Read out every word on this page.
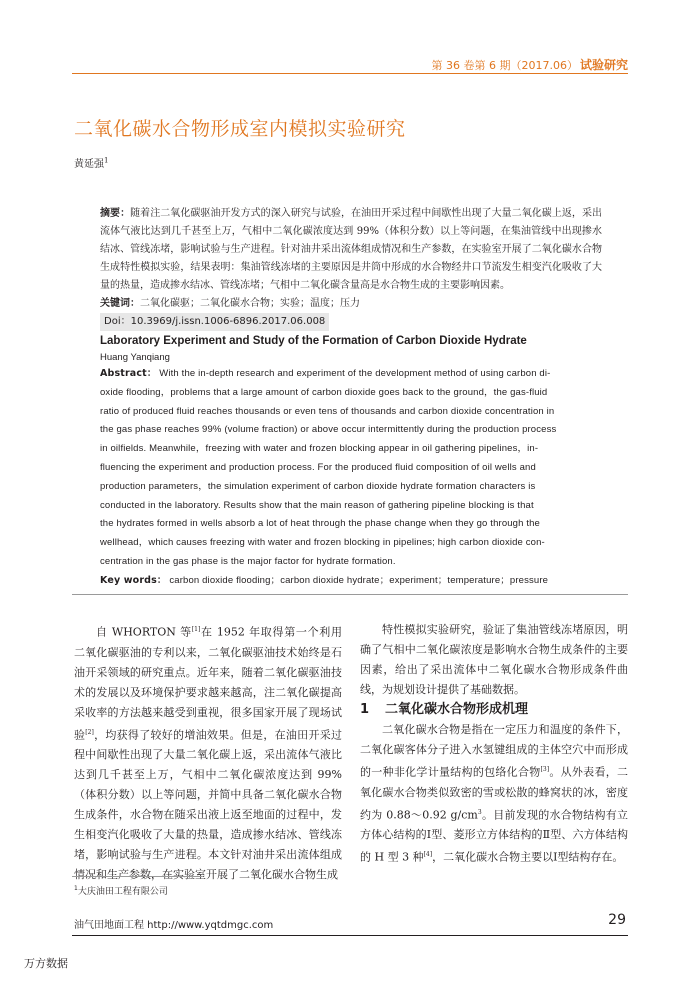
第 36 卷第 6 期（2017.06） 试验研究
二氧化碳水合物形成室内模拟实验研究
黄延强$^1$

摘要：随着注二氧化碳驱油开发方式的深入研究与试验，在油田开采过程中间歇性出现了大量二氧化碳上返，采出流体气液比达到几千甚至上万，气相中二氧化碳浓度达到 99%（体积分数）以上等问题，在集油管线中出现掺水结冰、管线冻堵，影响试验与生产进程。针对油井采出流体组成情况和生产参数，在实验室开展了二氧化碳水合物生成特性模拟实验，结果表明：集油管线冻堵的主要原因是井筒中形成的水合物经井口节流发生相变汽化吸收了大量的热量，造成掺水结冰、管线冻堵；气相中二氧化碳含量高是水合物生成的主要影响因素。

关键词：二氧化碳驱；二氧化碳水合物；实验；温度；压力

Doi：10.3969/j.issn.1006-6896.2017.06.008

Laboratory Experiment and Study of the Formation of Carbon Dioxide Hydrate

Huang Yanqiang

Abstract： With the in-depth research and experiment of the development method of using carbon di-
oxide flooding，problems that a large amount of carbon dioxide goes back to the ground，the gas-fluid
ratio of produced fluid reaches thousands or even tens of thousands and carbon dioxide concentration in
the gas phase reaches 99% (volume fraction) or above occur intermittently during the production process
in oilfields. Meanwhile，freezing with water and frozen blocking appear in oil gathering pipelines，in-
fluencing the experiment and production process. For the produced fluid composition of oil wells and
production parameters，the simulation experiment of carbon dioxide hydrate formation characters is
conducted in the laboratory. Results show that the main reason of gathering pipeline blocking is that
the hydrates formed in wells absorb a lot of heat through the phase change when they go through the
wellhead，which causes freezing with water and frozen blocking in pipelines; high carbon dioxide con-
centration in the gas phase is the major factor for hydrate formation.
Key words： carbon dioxide flooding；carbon dioxide hydrate；experiment；temperature；pressure

自 WHORTON 等[1]在 1952 年取得第一个利用二氧化碳驱油的专利以来，二氧化碳驱油技术始终是石油开采领域的研究重点。近年来，随着二氧化碳驱油技术的发展以及环境保护要求越来越高，注二氧化碳提高采收率的方法越来越受到重视，很多国家开展了现场试验[2]，均获得了较好的增油效果。但是，在油田开采过程中间歇性出现了大量二氧化碳上返，采出流体气液比达到几千甚至上万，气相中二氧化碳浓度达到 99%（体积分数）以上等问题，并简中具备二氧化碳水合物生成条件，水合物在随采出液上返至地面的过程中，发生相变汽化吸收了大量的热量，造成掺水结冰、管线冻堵，影响试验与生产进程。本文针对油井采出流体组成情况和生产参数，在实验室开展了二氧化碳水合物生成

特性模拟实验研究，验证了集油管线冻堵原因，明确了气相中二氧化碳浓度是影响水合物生成条件的主要因素，给出了采出流体中二氧化碳水合物形成条件曲线，为规划设计提供了基础数据。

1 二氧化碳水合物形成机理

二氧化碳水合物是指在一定压力和温度的条件下，二氧化碳客体分子进入水氢键组成的主体空穴中而形成的一种非化学计量结构的包络化合物[3]。从外表看，二氧化碳水合物类似致密的雪或松散的蜂窝状的冰，密度约为 0.88～0.92 $g/cm^3$。目前发现的水合物结构有立方体心结构的Ⅰ型、菱形立方体结构的Ⅱ型、六方体结构的 H 型 3 种[4]，二氧化碳水合物主要以Ⅰ型结构存在。

$^1$大庆油田工程有限公司
油气田地面工程 http://www.yqtdmgc.com	29
万方数据
